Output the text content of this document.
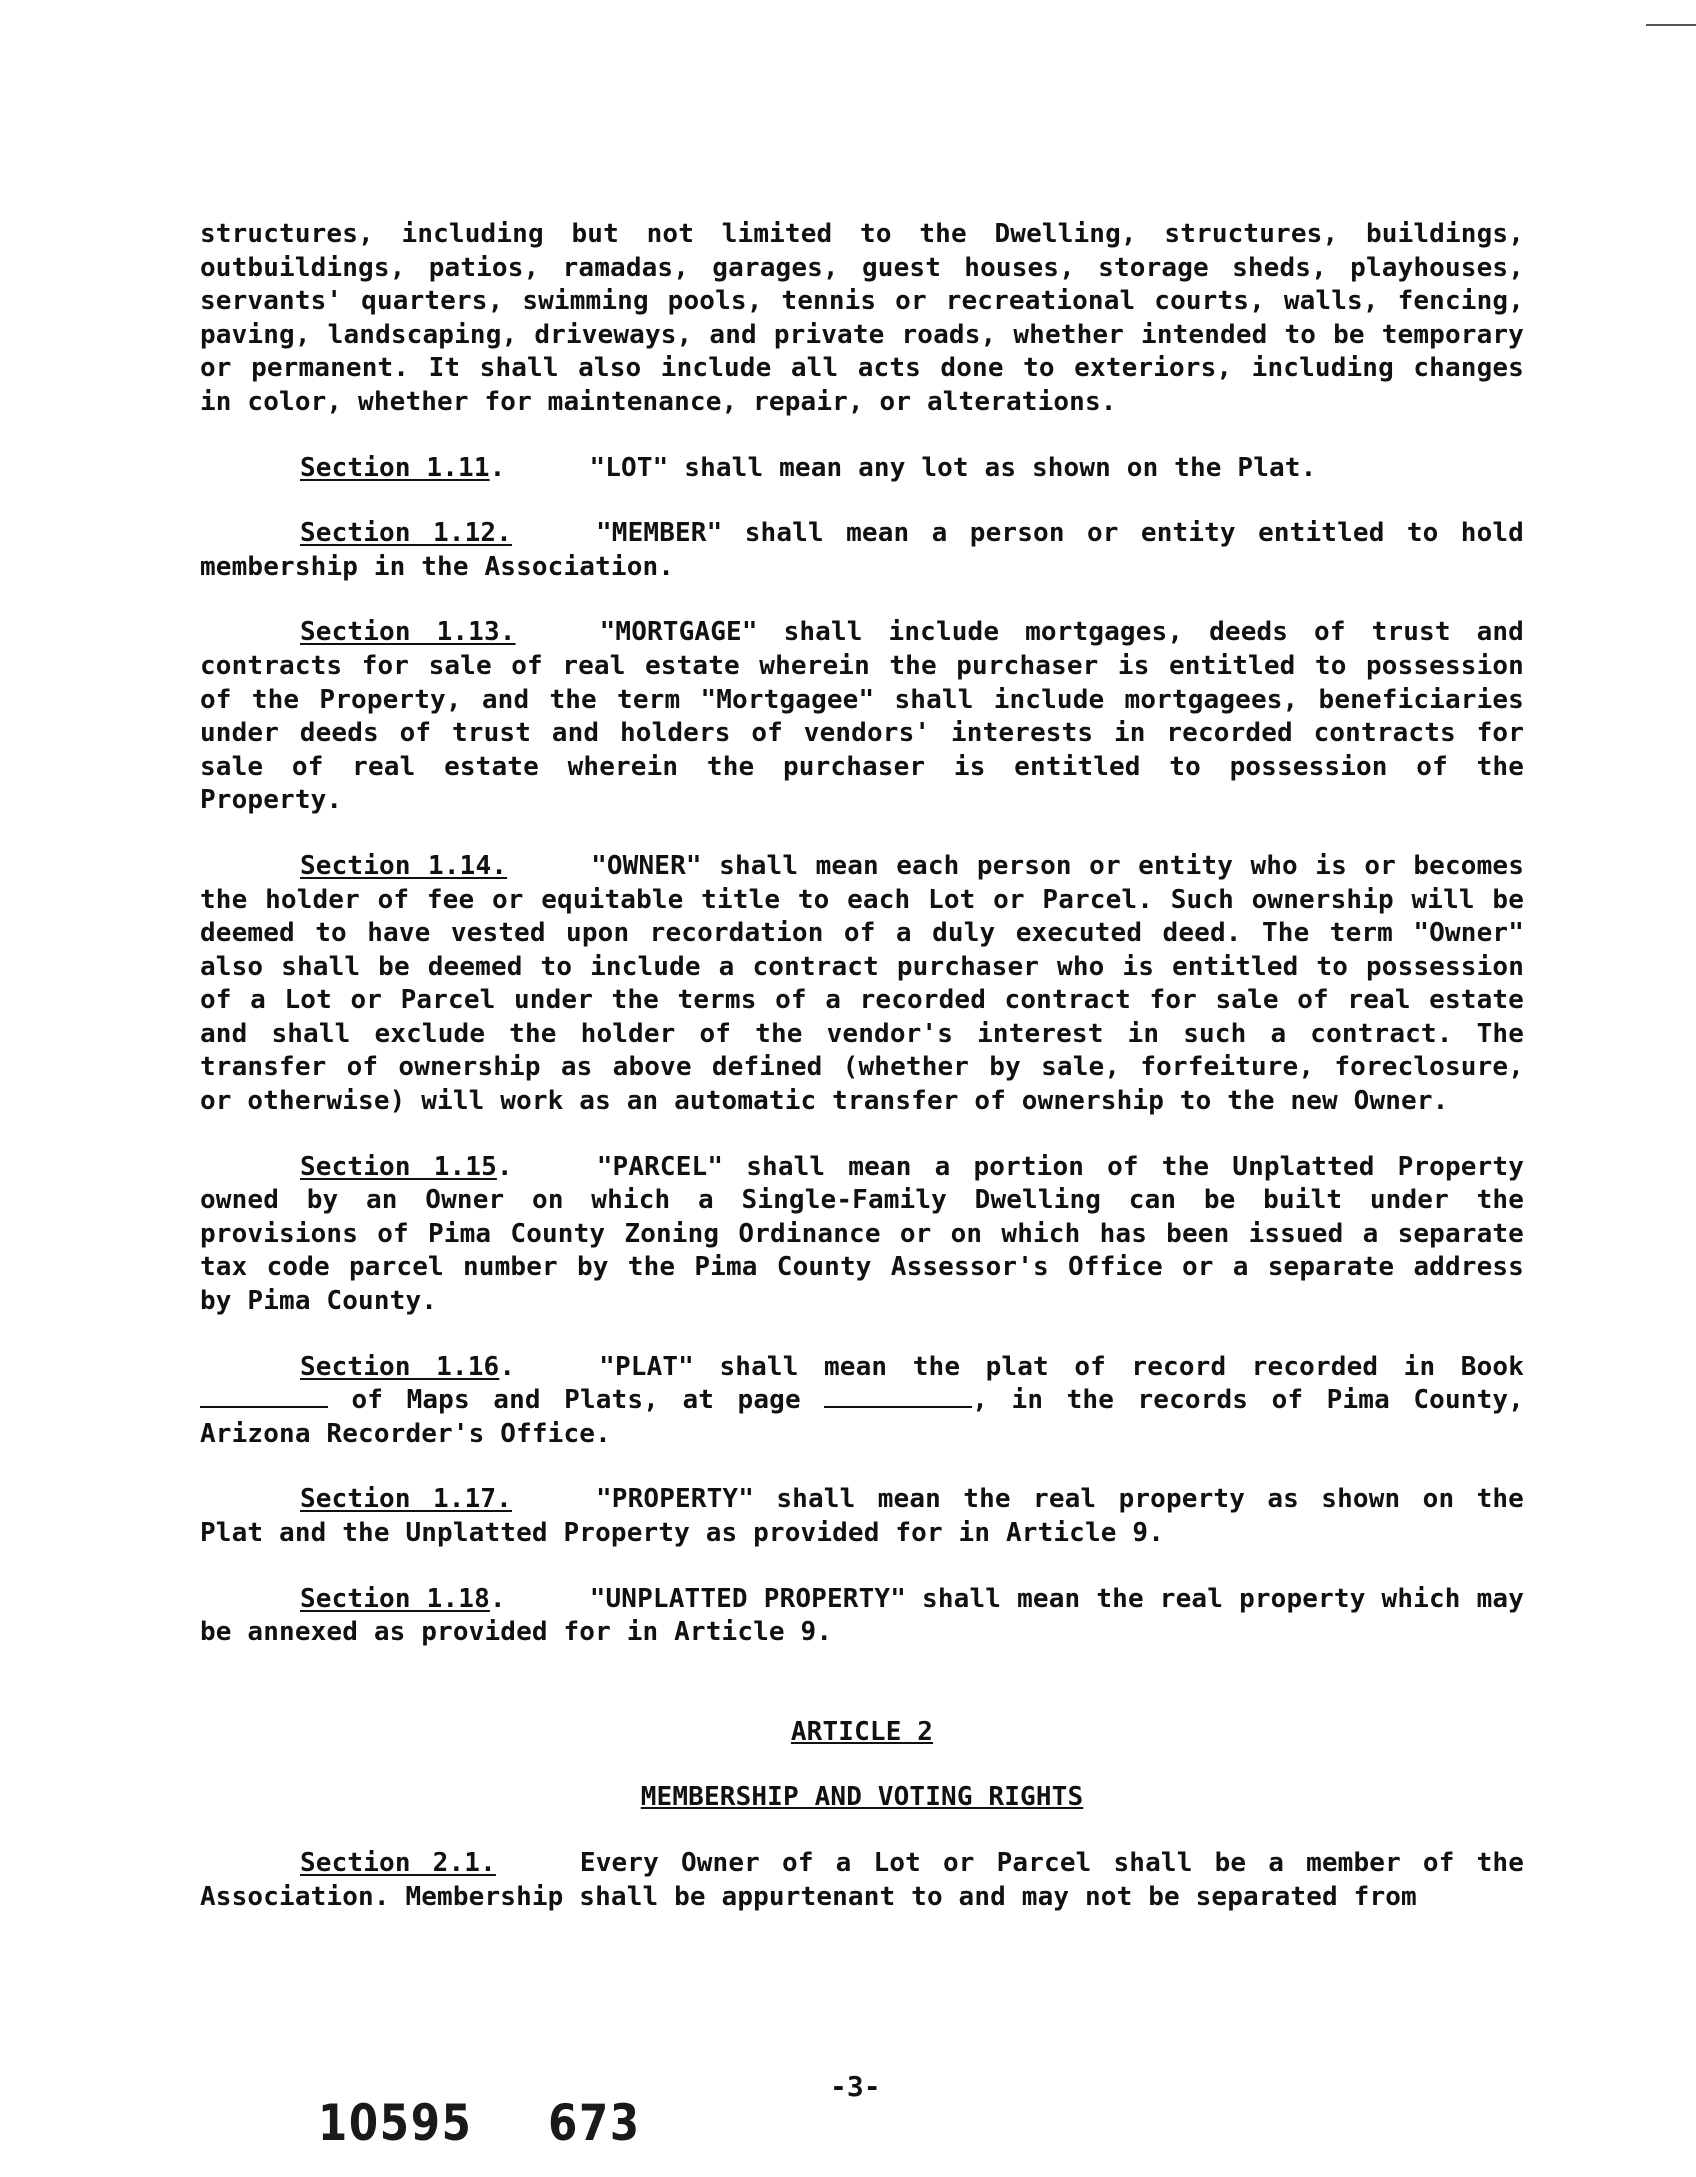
structures, including but not limited to the Dwelling, structures, buildings, outbuildings, patios, ramadas, garages, guest houses, storage sheds, playhouses, servants' quarters, swimming pools, tennis or recreational courts, walls, fencing, paving, landscaping, driveways, and private roads, whether intended to be temporary or permanent. It shall also include all acts done to exteriors, including changes in color, whether for maintenance, repair, or alterations.

Section 1.11.	"LOT" shall mean any lot as shown on the Plat.

Section 1.12.	"MEMBER" shall mean a person or entity entitled to hold membership in the Association.

Section 1.13.	"MORTGAGE" shall include mortgages, deeds of trust and contracts for sale of real estate wherein the purchaser is entitled to possession of the Property, and the term "Mortgagee" shall include mortgagees, beneficiaries under deeds of trust and holders of vendors' interests in recorded contracts for sale of real estate wherein the purchaser is entitled to possession of the Property.

Section 1.14.	"OWNER" shall mean each person or entity who is or becomes the holder of fee or equitable title to each Lot or Parcel. Such ownership will be deemed to have vested upon recordation of a duly executed deed. The term "Owner" also shall be deemed to include a contract purchaser who is entitled to possession of a Lot or Parcel under the terms of a recorded contract for sale of real estate and shall exclude the holder of the vendor's interest in such a contract. The transfer of ownership as above defined (whether by sale, forfeiture, foreclosure, or otherwise) will work as an automatic transfer of ownership to the new Owner.

Section 1.15.	"PARCEL" shall mean a portion of the Unplatted Property owned by an Owner on which a Single-Family Dwelling can be built under the provisions of Pima County Zoning Ordinance or on which has been issued a separate tax code parcel number by the Pima County Assessor's Office or a separate address by Pima County.

Section 1.16.	"PLAT" shall mean the plat of record recorded in Book  of Maps and Plats, at page	, in the records of Pima County, Arizona Recorder's Office.

Section 1.17.	"PROPERTY" shall mean the real property as shown on the Plat and the Unplatted Property as provided for in Article 9.

Section 1.18.	"UNPLATTED PROPERTY" shall mean the real property which may be annexed as provided for in Article 9.

ARTICLE 2

MEMBERSHIP AND VOTING RIGHTS

Section 2.1.	Every Owner of a Lot or Parcel shall be a member of the Association. Membership shall be appurtenant to and may not be separated from

-3-
10595 673
